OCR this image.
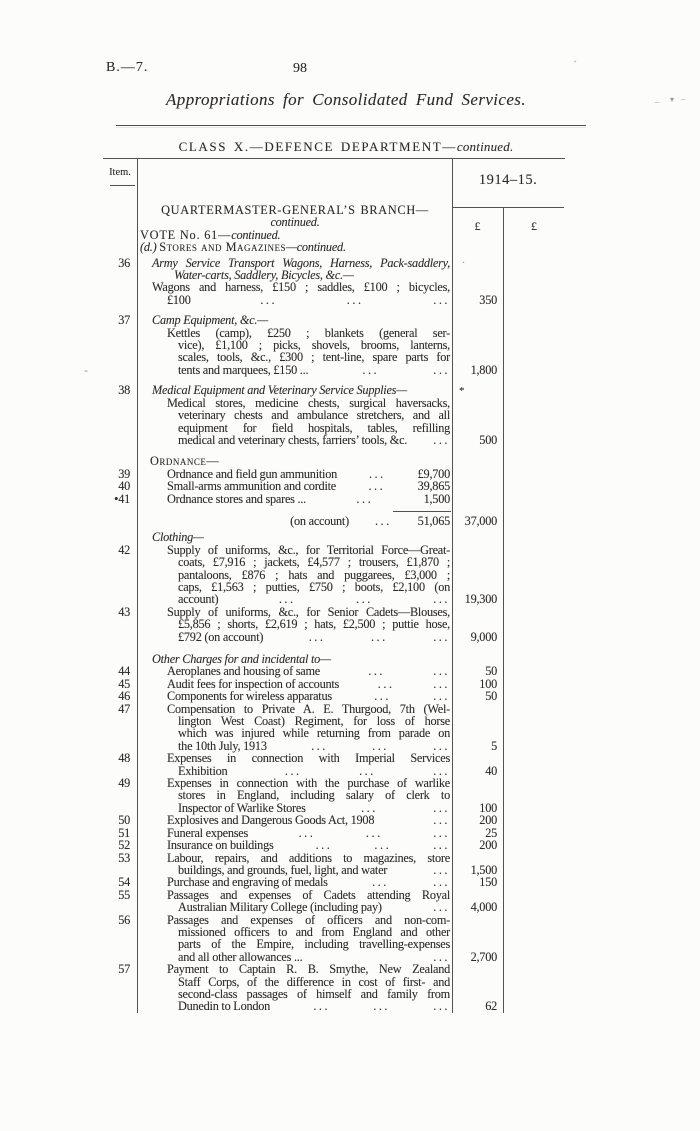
B.—7.	98
Appropriations for Consolidated Fund Services.
CLASS X.—DEFENCE DEPARTMENT—continued.
Item.	1914–15.
£	£
QUARTERMASTER-GENERAL’S BRANCH—
continued.
VOTE No. 61—continued.
(d.) Stores and Magazines—continued.
36	Army Service Transport Wagons, Harness, Pack-saddlery,
Water-carts, Saddlery, Bicycles, &c.—
Wagons and harness, £150 ; saddles, £100 ; bicycles,
£100	...	...	... 350
37	Camp Equipment, &c.—
Kettles (camp), £250 ; blankets (general ser-
vice), £1,100 ; picks, shovels, brooms, lanterns,
scales, tools, &c., £300 ; tent-line, spare parts for
tents and marquees, £150 ...	...	... 1,800
38	Medical Equipment and Veterinary Service Supplies—
Medical stores, medicine chests, surgical haversacks,
veterinary chests and ambulance stretchers, and all
equipment for field hospitals, tables, refilling
medical and veterinary chests, farriers’ tools, &c. ... 500
*
Ordnance—
39	Ordnance and field gun ammunition	...	£9,700
40	Small-arms ammunition and cordite	...	39,865
•41	Ordnance stores and spares ...	...	1,500
(on account) ... 51,065 37,000
Clothing—
42	Supply of uniforms, &c., for Territorial Force—Great-
coats, £7,916 ; jackets, £4,577 ; trousers, £1,870 ;
pantaloons, £876 ; hats and puggarees, £3,000 ;
caps, £1,563 ; putties, £750 ; boots, £2,100 (on
account)	...	...	... 19,300
43	Supply of uniforms, &c., for Senior Cadets—Blouses,
£5,856 ; shorts, £2,619 ; hats, £2,500 ; puttie hose,
£792 (on account)	...	...	... 9,000
Other Charges for and incidental to—
44	Aeroplanes and housing of same	...	...	50
45	Audit fees for inspection of accounts	...	... 100
46	Components for wireless apparatus	...	...	50
47	Compensation to Private A. E. Thurgood, 7th (Wel-
lington West Coast) Regiment, for loss of horse
which was injured while returning from parade on
the 10th July, 1913	...	...	...	5
48	Expenses in connection with Imperial Services
Exhibition	...	...	...	40
49	Expenses in connection with the purchase of warlike
stores in England, including salary of clerk to
Inspector of Warlike Stores	...	... 100
50	Explosives and Dangerous Goods Act, 1908	... 200
51	Funeral expenses	...	...	...	25
52	Insurance on buildings	...	...	... 200
53	Labour, repairs, and additions to magazines, store
buildings, and grounds, fuel, light, and water	... 1,500
54	Purchase and engraving of medals	...	... 150
55	Passages and expenses of Cadets attending Royal
Australian Military College (including pay)	... 4,000
56	Passages and expenses of officers and non-com-
missioned officers to and from England and other
parts of the Empire, including travelling-expenses
and all other allowances ...	... 2,700
57	Payment to Captain R. B. Smythe, New Zealand
Staff Corps, of the difference in cost of first- and
second-class passages of himself and family from
Dunedin to London	...	...	...	62
´
– ▾ –
-
.
